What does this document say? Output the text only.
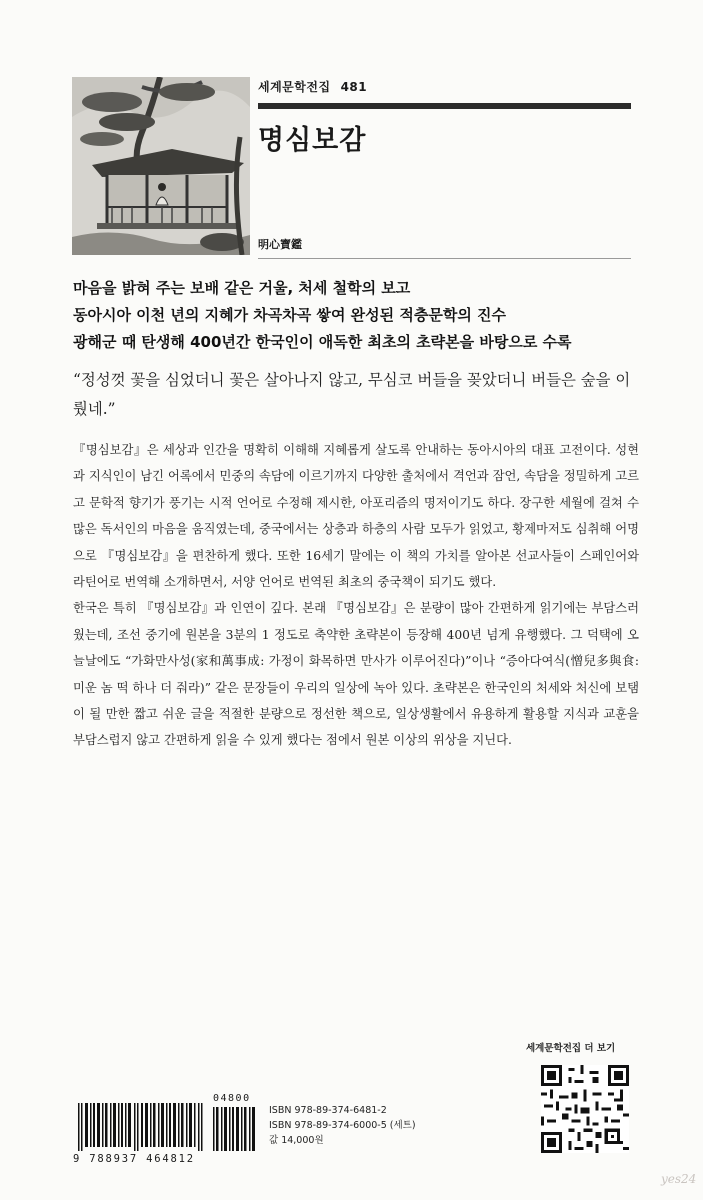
세계문학전집 481
명심보감
明心寶鑑
마음을 밝혀 주는 보배 같은 거울, 처세 철학의 보고
동아시아 이천 년의 지혜가 차곡차곡 쌓여 완성된 적층문학의 진수
광해군 때 탄생해 400년간 한국인이 애독한 최초의 초략본을 바탕으로 수록
“정성껏 꽃을 심었더니 꽃은 살아나지 않고, 무심코 버들을 꽂았더니 버들은 숲을 이뤘네.”

『명심보감』은 세상과 인간을 명확히 이해해 지혜롭게 살도록 안내하는 동아시아의 대표 고전이다. 성현과 지식인이 남긴 어록에서 민중의 속담에 이르기까지 다양한 출처에서 격언과 잠언, 속담을 정밀하게 고르고 문학적 향기가 풍기는 시적 언어로 수정해 제시한, 아포리즘의 명저이기도 하다. 장구한 세월에 걸쳐 수많은 독서인의 마음을 움직였는데, 중국에서는 상층과 하층의 사람 모두가 읽었고, 황제마저도 심취해 어명으로 『명심보감』을 편찬하게 했다. 또한 16세기 말에는 이 책의 가치를 알아본 선교사들이 스페인어와 라틴어로 번역해 소개하면서, 서양 언어로 번역된 최초의 중국책이 되기도 했다.

한국은 특히 『명심보감』과 인연이 깊다. 본래 『명심보감』은 분량이 많아 간편하게 읽기에는 부담스러웠는데, 조선 중기에 원본을 3분의 1 정도로 축약한 초략본이 등장해 400년 넘게 유행했다. 그 덕택에 오늘날에도 “가화만사성(家和萬事成: 가정이 화목하면 만사가 이루어진다)”이나 “증아다여식(憎兒多與食: 미운 놈 떡 하나 더 줘라)” 같은 문장들이 우리의 일상에 녹아 있다. 초략본은 한국인의 처세와 처신에 보탬이 될 만한 짧고 쉬운 글을 적절한 분량으로 정선한 책으로, 일상생활에서 유용하게 활용할 지식과 교훈을 부담스럽지 않고 간편하게 읽을 수 있게 했다는 점에서 원본 이상의 위상을 지닌다.

04800
9 788937 464812
ISBN 978-89-374-6481-2
ISBN 978-89-374-6000-5 (세트)
값 14,000원
세계문학전집 더 보기
yes24
